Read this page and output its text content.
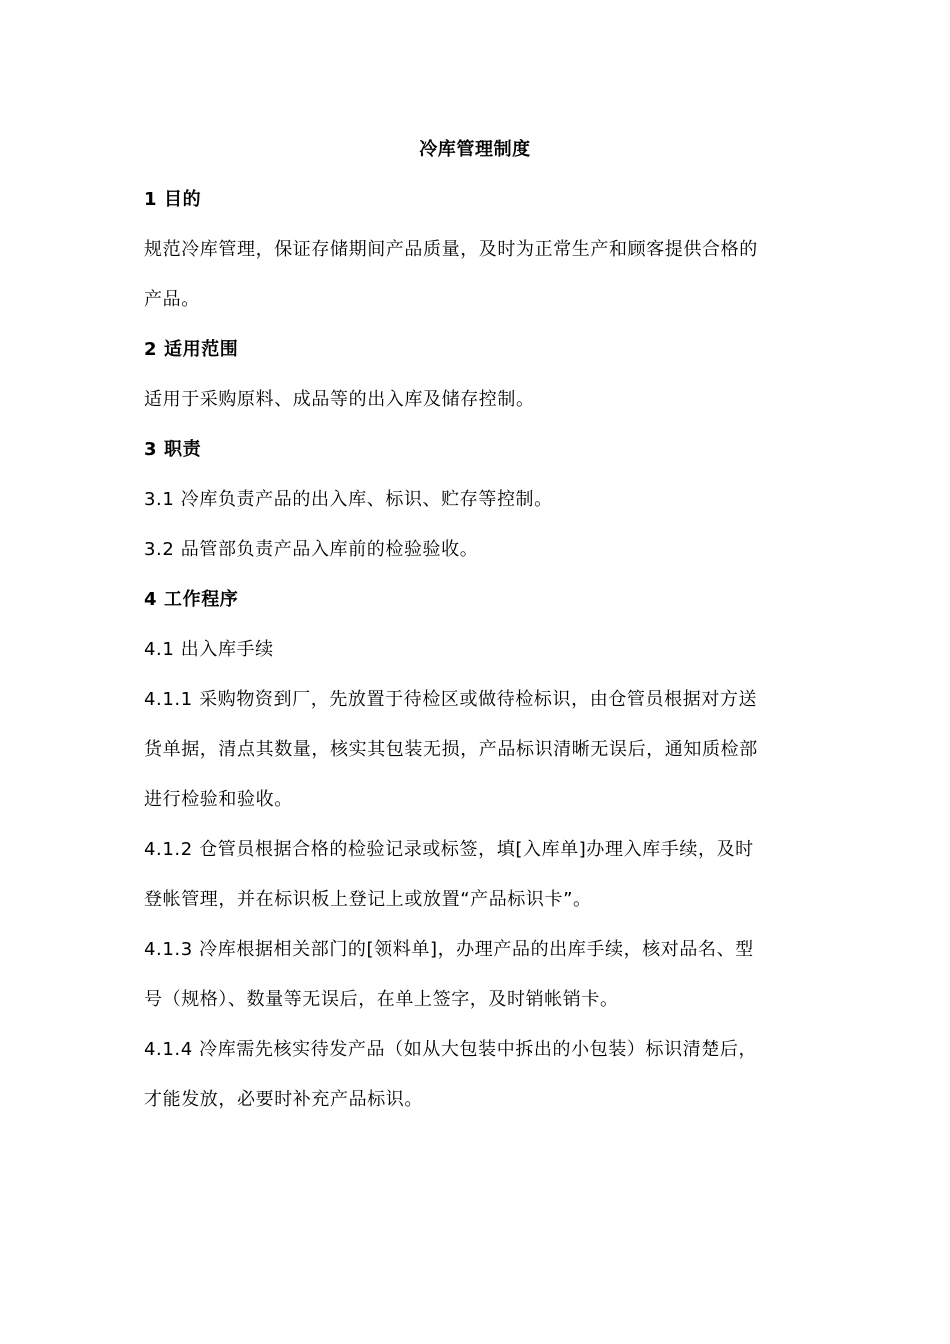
冷库管理制度
1 目的
规范冷库管理，保证存储期间产品质量，及时为正常生产和顾客提供合格的
产品。
2 适用范围
适用于采购原料、成品等的出入库及储存控制。
3 职责
3.1 冷库负责产品的出入库、标识、贮存等控制。
3.2 品管部负责产品入库前的检验验收。
4 工作程序
4.1 出入库手续
4.1.1 采购物资到厂，先放置于待检区或做待检标识，由仓管员根据对方送
货单据，清点其数量，核实其包装无损，产品标识清晰无误后，通知质检部
进行检验和验收。
4.1.2 仓管员根据合格的检验记录或标签，填[入库单]办理入库手续，及时
登帐管理，并在标识板上登记上或放置“产品标识卡”。
4.1.3 冷库根据相关部门的[领料单]，办理产品的出库手续，核对品名、型
号（规格）、数量等无误后，在单上签字，及时销帐销卡。
4.1.4 冷库需先核实待发产品（如从大包装中拆出的小包装）标识清楚后，
才能发放，必要时补充产品标识。
